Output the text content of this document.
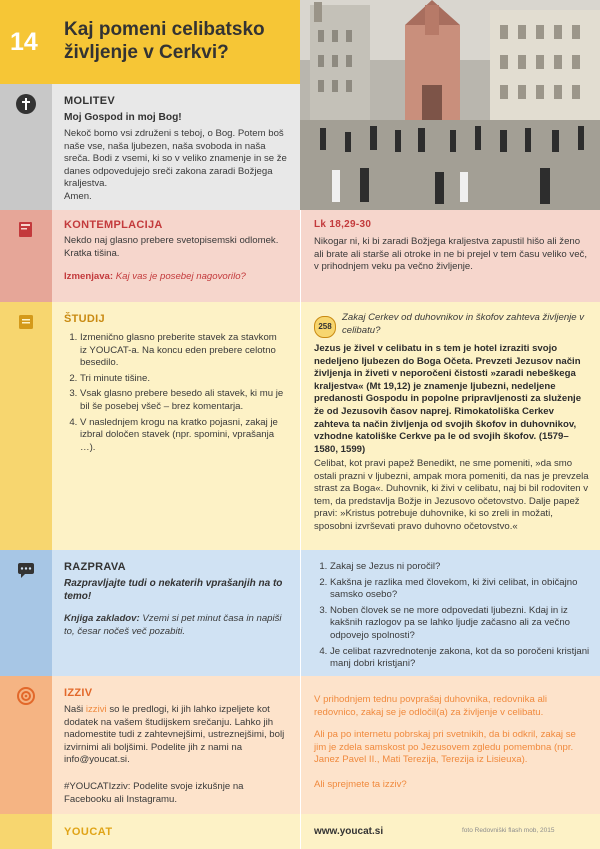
14 Kaj pomeni celibatsko
življenje v Cerkvi?
MOLITEV
Moj Gospod in moj Bog!
Nekoč bomo vsi združeni s teboj, o Bog. Potem boš naše vse, naša ljubezen, naša svoboda in naša sreča. Bodi z vsemi, ki so v veliko znamenje in se že danes odpovedujejo sreči zakona zaradi Božjega kraljestva.
Amen.
KONTEMPLACIJA
Nekdo naj glasno prebere svetopisemski odlomek. Kratka tišina.
Izmenjava: Kaj vas je posebej nagovorilo?
Lk 18,29-30
Nikogar ni, ki bi zaradi Božjega kraljestva zapustil hišo ali ženo ali brate ali starše ali otroke in ne bi prejel v tem času veliko več, v prihodnjem veku pa večno življenje.
ŠTUDIJ
1. Izmenično glasno preberite stavek za stavkom iz YOUCAT-a. Na koncu eden prebere celotno besedilo.
2. Tri minute tišine.
3. Vsak glasno prebere besedo ali stavek, ki mu je bil še posebej všeč – brez komentarja.
4. V naslednjem krogu na kratko pojasni, zakaj je izbral določen stavek (npr. spomini, vprašanja …).
258
Zakaj Cerkev od duhovnikov in škofov zahteva življenje v celibatu?
Jezus je živel v celibatu in s tem je hotel izraziti svojo nedeljeno ljubezen do Boga Očeta. Prevzeti Jezusov način življenja in živeti v neporočeni čistosti »zaradi nebeškega kraljestva« (Mt 19,12) je znamenje ljubezni, nedeljene predanosti Gospodu in popolne pripravljenosti za služenje že od Jezusovih časov naprej. Rimokatoliška Cerkev zahteva ta način življenja od svojih škofov in duhovnikov, vzhodne katoliške Cerkve pa le od svojih škofov. (1579–1580, 1599)
Celibat, kot pravi papež Benedikt, ne sme pomeniti, »da smo ostali prazni v ljubezni, ampak mora pomeniti, da nas je prevzela strast za Boga«. Duhovnik, ki živi v celibatu, naj bi bil rodoviten v tem, da predstavlja Božje in Jezusovo očetovstvo. Dalje papež pravi: »Kristus potrebuje duhovnike, ki so zreli in možati, sposobni izvrševati pravo duhovno očetovstvo.«
RAZPRAVA
Razpravljajte tudi o nekaterih vprašanjih na to temo!
Knjiga zakladov: Vzemi si pet minut časa in napiši to, česar nočeš več pozabiti.
1. Zakaj se Jezus ni poročil?
2. Kakšna je razlika med človekom, ki živi celibat, in običajno samsko osebo?
3. Noben človek se ne more odpovedati ljubezni. Kdaj in iz kakšnih razlogov pa se lahko ljudje začasno ali za večno odpovejo spolnosti?
4. Je celibat razvrednotenje zakona, kot da so poročeni kristjani manj dobri kristjani?
IZZIV
Naši izzivi so le predlogi, ki jih lahko izpeljete kot dodatek na vašem študijskem srečanju. Lahko jih nadomestite tudi z zahtevnejšimi, ustreznejšimi, bolj izvirnimi ali boljšimi. Podelite jih z nami na
info@youcat.si.
#YOUCATIzziv: Podelite svoje izkušnje na Facebooku ali Instagramu.
V prihodnjem tednu povprašaj duhovnika, redovnika ali redovnico, zakaj se je odločil(a) za življenje v celibatu.
Ali pa po internetu pobrskaj pri svetnikih, da bi odkril, zakaj se jim je zdela samskost po Jezusovem zgledu pomembna (npr. Janez Pavel II., Mati Terezija, Terezija iz Lisieuxa).
Ali sprejmete ta izziv?
YOUCAT	www.youcat.si	foto Redovniški flash mob, 2015
